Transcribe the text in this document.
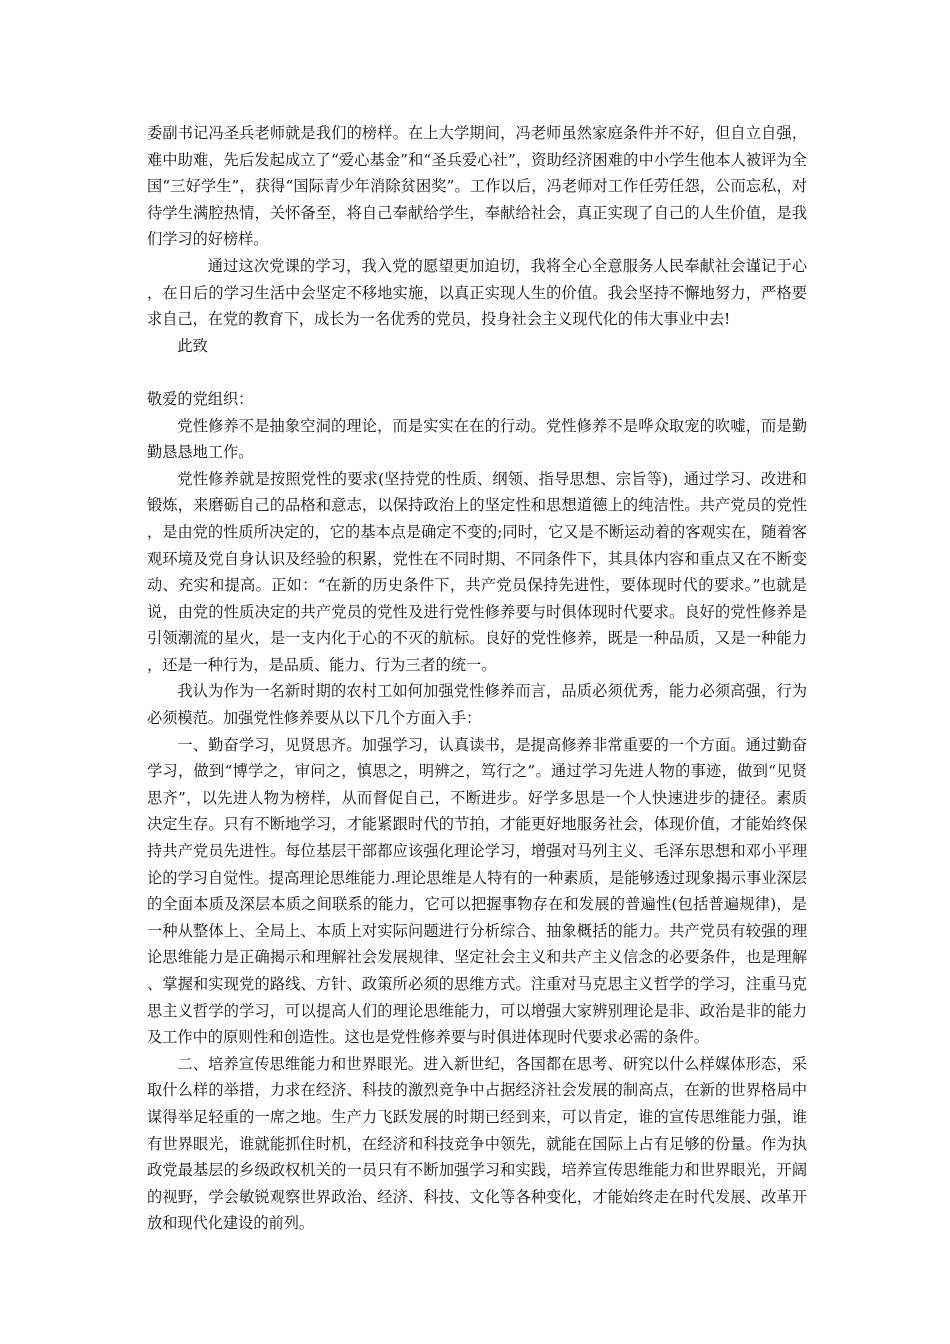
委副书记冯圣兵老师就是我们的榜样。在上大学期间，冯老师虽然家庭条件并不好，但自立自强，难中助难，先后发起成立了“爱心基金”和“圣兵爱心社”，资助经济困难的中小学生他本人被评为全国“三好学生”，获得“国际青少年消除贫困奖”。工作以后，冯老师对工作任劳任怨，公而忘私，对待学生满腔热情，关怀备至，将自己奉献给学生，奉献给社会，真正实现了自己的人生价值，是我们学习的好榜样。

通过这次党课的学习，我入党的愿望更加迫切，我将全心全意服务人民奉献社会谨记于心，在日后的学习生活中会坚定不移地实施，以真正实现人生的价值。我会坚持不懈地努力，严格要求自己，在党的教育下，成长为一名优秀的党员，投身社会主义现代化的伟大事业中去!

此致

敬爱的党组织：

党性修养不是抽象空洞的理论，而是实实在在的行动。党性修养不是哗众取宠的吹嘘，而是勤勤恳恳地工作。

党性修养就是按照党性的要求(坚持党的性质、纲领、指导思想、宗旨等)，通过学习、改进和锻炼，来磨砺自己的品格和意志，以保持政治上的坚定性和思想道德上的纯洁性。共产党员的党性，是由党的性质所决定的，它的基本点是确定不变的;同时，它又是不断运动着的客观实在，随着客观环境及党自身认识及经验的积累，党性在不同时期、不同条件下，其具体内容和重点又在不断变动、充实和提高。正如：“在新的历史条件下，共产党员保持先进性，要体现时代的要求。”也就是说，由党的性质决定的共产党员的党性及进行党性修养要与时俱体现时代要求。良好的党性修养是引领潮流的星火，是一支内化于心的不灭的航标。良好的党性修养，既是一种品质，又是一种能力，还是一种行为，是品质、能力、行为三者的统一。

我认为作为一名新时期的农村工如何加强党性修养而言，品质必须优秀，能力必须高强，行为必须模范。加强党性修养要从以下几个方面入手：

一、勤奋学习，见贤思齐。加强学习，认真读书，是提高修养非常重要的一个方面。通过勤奋学习，做到“博学之，审问之，慎思之，明辨之，笃行之”。通过学习先进人物的事迹，做到“见贤思齐”，以先进人物为榜样，从而督促自己，不断进步。好学多思是一个人快速进步的捷径。素质决定生存。只有不断地学习，才能紧跟时代的节拍，才能更好地服务社会，体现价值，才能始终保持共产党员先进性。每位基层干部都应该强化理论学习，增强对马列主义、毛泽东思想和邓小平理论的学习自觉性。提高理论思维能力.理论思维是人特有的一种素质，是能够透过现象揭示事业深层的全面本质及深层本质之间联系的能力，它可以把握事物存在和发展的普遍性(包括普遍规律)，是一种从整体上、全局上、本质上对实际问题进行分析综合、抽象概括的能力。共产党员有较强的理论思维能力是正确揭示和理解社会发展规律、坚定社会主义和共产主义信念的必要条件，也是理解、掌握和实现党的路线、方针、政策所必须的思维方式。注重对马克思主义哲学的学习，注重马克思主义哲学的学习，可以提高人们的理论思维能力，可以增强大家辨别理论是非、政治是非的能力及工作中的原则性和创造性。这也是党性修养要与时俱进体现时代要求必需的条件。

二、培养宣传思维能力和世界眼光。进入新世纪，各国都在思考、研究以什么样媒体形态，采取什么样的举措，力求在经济、科技的激烈竞争中占据经济社会发展的制高点，在新的世界格局中谋得举足轻重的一席之地。生产力飞跃发展的时期已经到来，可以肯定，谁的宣传思维能力强，谁有世界眼光，谁就能抓住时机，在经济和科技竞争中领先，就能在国际上占有足够的份量。作为执政党最基层的乡级政权机关的一员只有不断加强学习和实践，培养宣传思维能力和世界眼光，开阔的视野，学会敏锐观察世界政治、经济、科技、文化等各种变化，才能始终走在时代发展、改革开放和现代化建设的前列。
